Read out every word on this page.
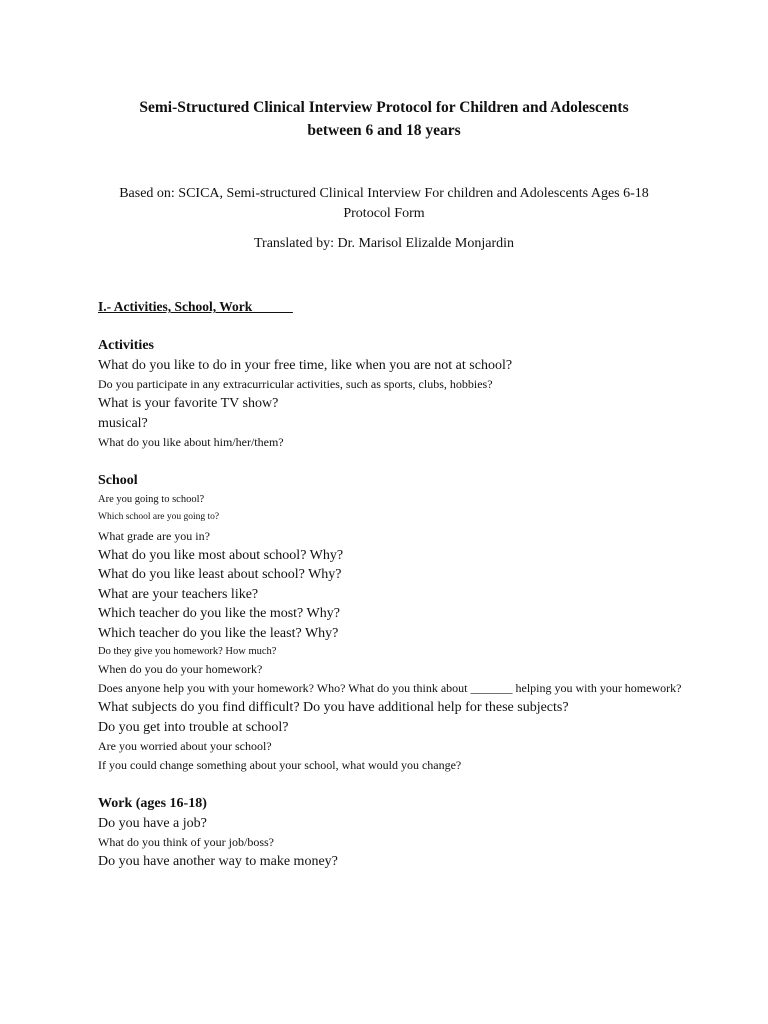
Semi-Structured Clinical Interview Protocol for Children and Adolescents
between 6 and 18 years
Based on: SCICA, Semi-structured Clinical Interview For children and Adolescents Ages 6-18
Protocol Form
Translated by: Dr. Marisol Elizalde Monjardin
I.- Activities, School, Work______
Activities
What do you like to do in your free time, like when you are not at school?
Do you participate in any extracurricular activities, such as sports, clubs, hobbies?
What is your favorite TV show?
musical?
What do you like about him/her/them?
School
Are you going to school?
Which school are you going to?
What grade are you in?
What do you like most about school? Why?
What do you like least about school? Why?
What are your teachers like?
Which teacher do you like the most? Why?
Which teacher do you like the least? Why?
Do they give you homework? How much?
When do you do your homework?
Does anyone help you with your homework? Who? What do you think about _______ helping you with your homework?
What subjects do you find difficult? Do you have additional help for these subjects?
Do you get into trouble at school?
Are you worried about your school?
If you could change something about your school, what would you change?
Work (ages 16-18)
Do you have a job?
What do you think of your job/boss?
Do you have another way to make money?
